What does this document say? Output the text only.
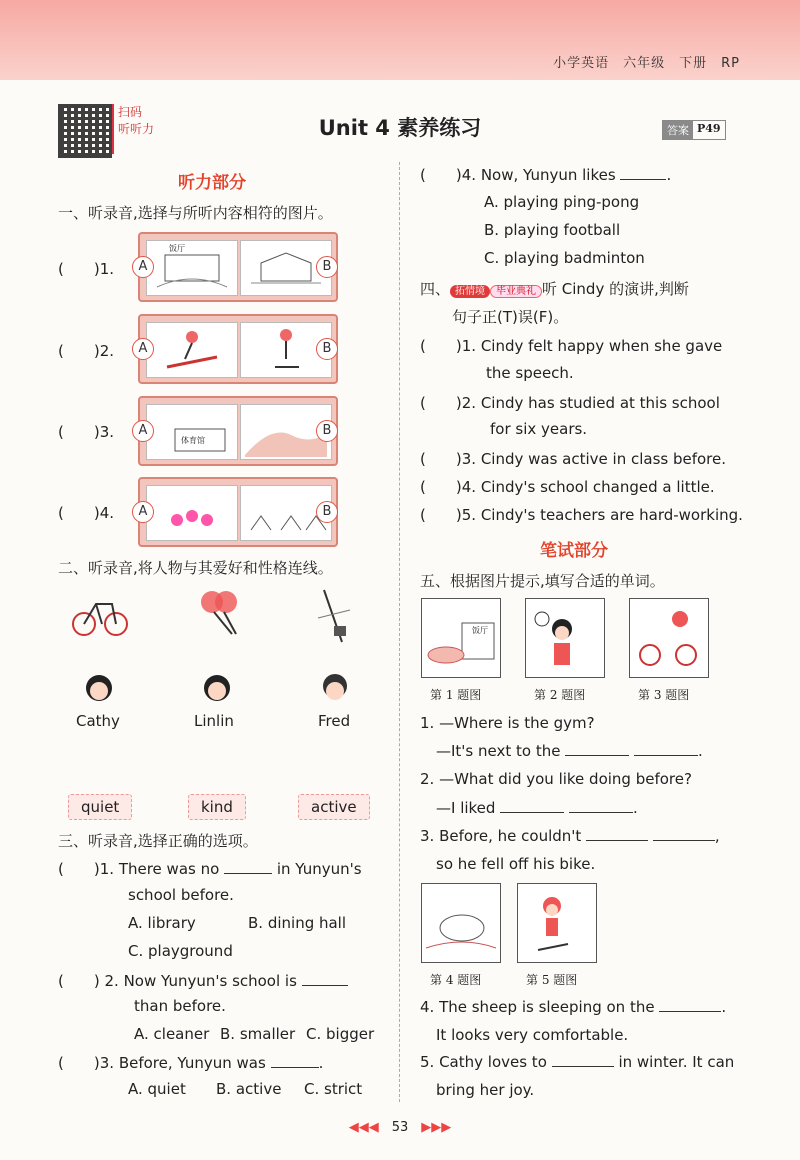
小学英语　六年级　下册　RP
扫码
听听力	Unit 4 素养练习	答案 P49
听力部分
一、听录音,选择与所听内容相符的图片。
(　　)1.
饭厅
A	B
(　　)2.	A	B
(　　)3.	体育馆
A	B
(　　)4.	A	B
二、听录音,将人物与其爱好和性格连线。
Cathy	Linlin	Fred
quiet	kind	active
三、听录音,选择正确的选项。
(　　)1. There was no	in Yunyun's
school before.
A. library	B. dining hall
C. playground
(　　) 2. Now Yunyun's school is
than before.
A. cleaner B. smaller C. bigger
(　　)3. Before, Yunyun was	.
A. quiet B. active C. strict
(　　)4. Now, Yunyun likes	.
A. playing ping-pong
B. playing football
C. playing badminton
四、 拓情境 毕业典礼 听 Cindy 的演讲,判断
句子正(T)误(F)。
(　　)1. Cindy felt happy when she gave
the speech.
(　　)2. Cindy has studied at this school
for six years.
(　　)3. Cindy was active in class before.
(　　)4. Cindy's school changed a little.
(　　)5. Cindy's teachers are hard-working.
笔试部分
五、根据图片提示,填写合适的单词。
饭厅
第 1 题图	第 2 题图	第 3 题图
1. —Where is the gym?
—It's next to the	.
2. —What did you like doing before?
—I liked	.
3. Before, he couldn't	,
so he fell off his bike.
第 4 题图	第 5 题图
4. The sheep is sleeping on the	.
It looks very comfortable.
5. Cathy loves to	in winter. It can
bring her joy.
◀◀◀　 53　 ▶▶▶
